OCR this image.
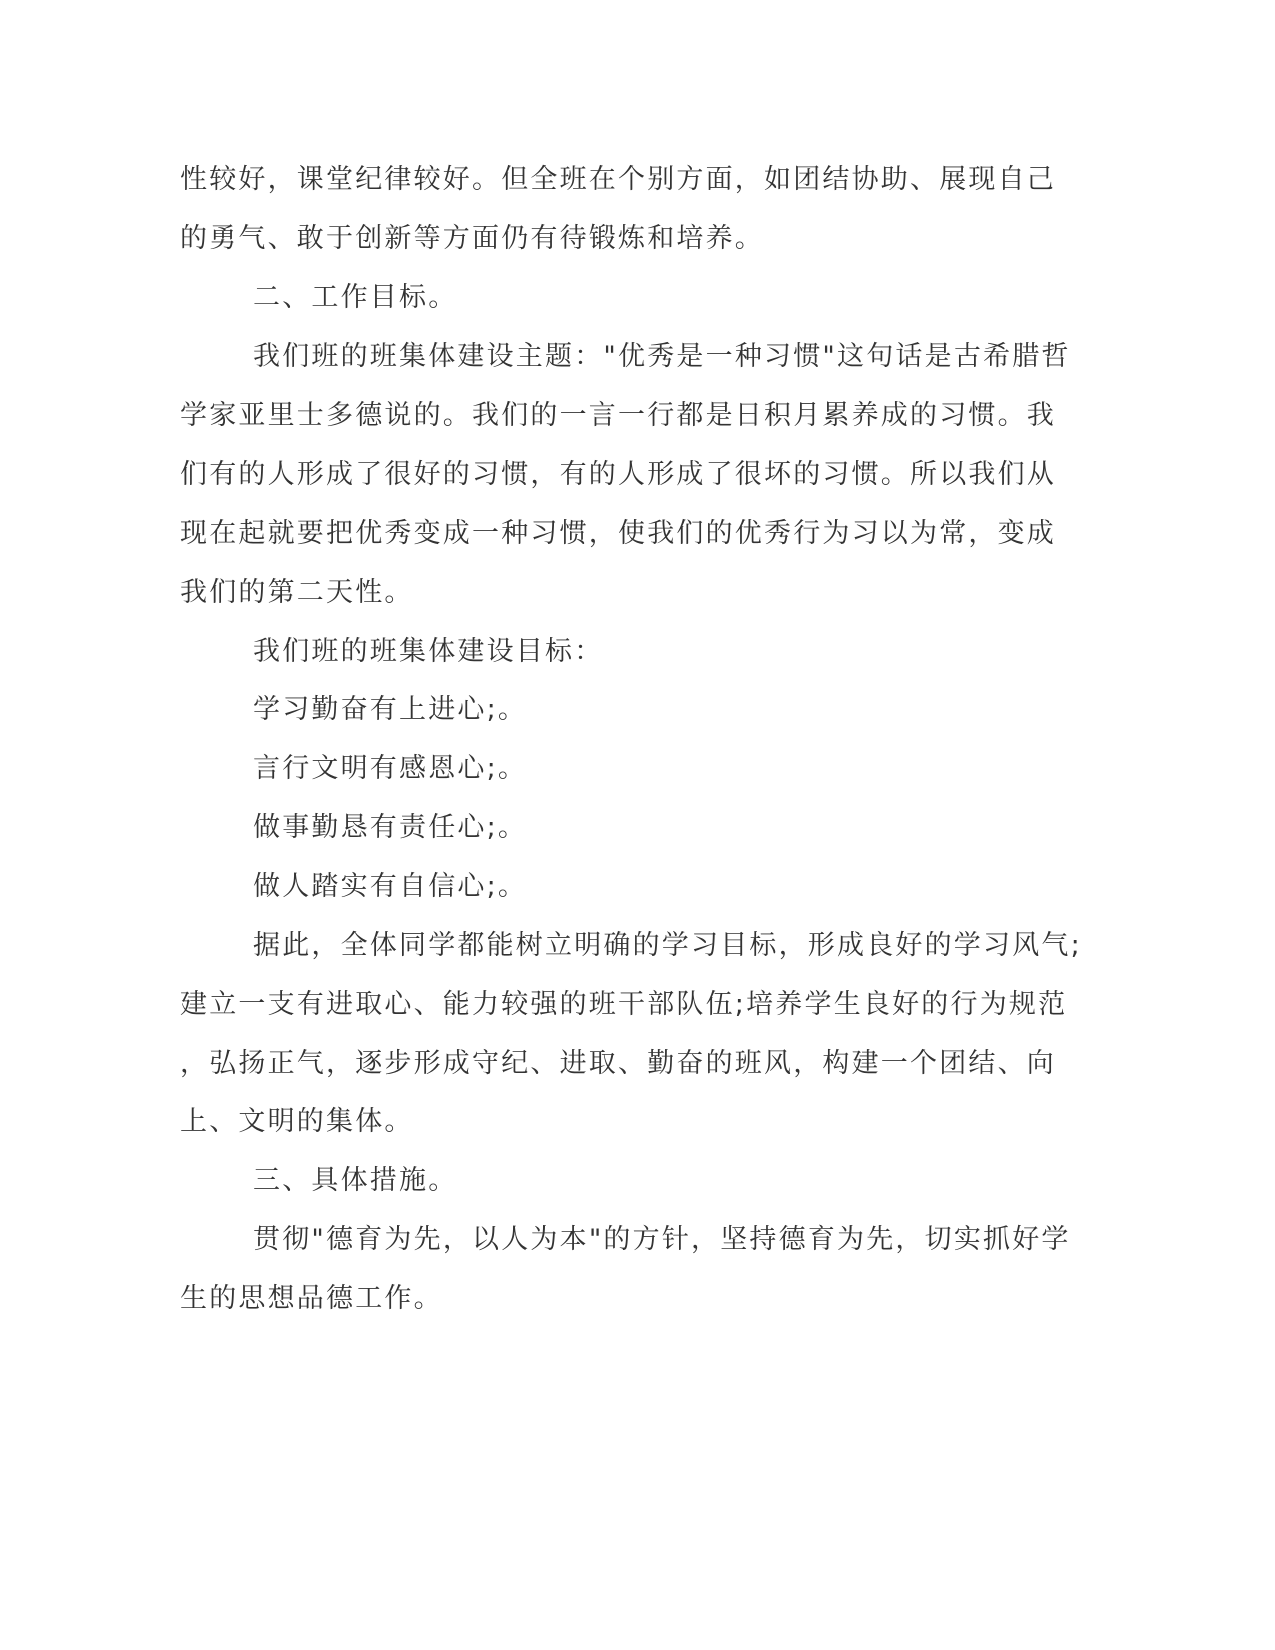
性较好，课堂纪律较好。但全班在个别方面，如团结协助、展现自己
的勇气、敢于创新等方面仍有待锻炼和培养。
二、工作目标。
我们班的班集体建设主题："优秀是一种习惯"这句话是古希腊哲
学家亚里士多德说的。我们的一言一行都是日积月累养成的习惯。我
们有的人形成了很好的习惯，有的人形成了很坏的习惯。所以我们从
现在起就要把优秀变成一种习惯，使我们的优秀行为习以为常，变成
我们的第二天性。
我们班的班集体建设目标：
学习勤奋有上进心;。
言行文明有感恩心;。
做事勤恳有责任心;。
做人踏实有自信心;。
据此，全体同学都能树立明确的学习目标，形成良好的学习风气;
建立一支有进取心、能力较强的班干部队伍;培养学生良好的行为规范
，弘扬正气，逐步形成守纪、进取、勤奋的班风，构建一个团结、向
上、文明的集体。
三、具体措施。
贯彻"德育为先，以人为本"的方针，坚持德育为先，切实抓好学
生的思想品德工作。
